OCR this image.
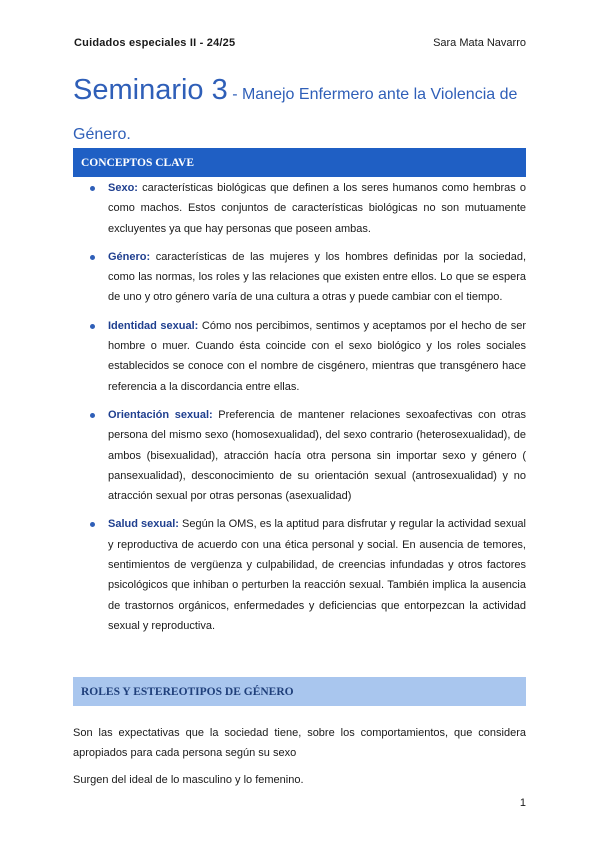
Cuidados especiales II - 24/25	Sara Mata Navarro
Seminario 3 - Manejo Enfermero ante la Violencia de Género.
CONCEPTOS CLAVE
Sexo: características biológicas que definen a los seres humanos como hembras o como machos. Estos conjuntos de características biológicas no son mutuamente excluyentes ya que hay personas que poseen ambas.
Género: características de las mujeres y los hombres definidas por la sociedad, como las normas, los roles y las relaciones que existen entre ellos. Lo que se espera de uno y otro género varía de una cultura a otras y puede cambiar con el tiempo.
Identidad sexual: Cómo nos percibimos, sentimos y aceptamos por el hecho de ser hombre o muer. Cuando ésta coincide con el sexo biológico y los roles sociales establecidos se conoce con el nombre de cisgénero, mientras que transgénero hace referencia a la discordancia entre ellas.
Orientación sexual: Preferencia de mantener relaciones sexoafectivas con otras persona del mismo sexo (homosexualidad), del sexo contrario (heterosexualidad), de ambos (bisexualidad), atracción hacía otra persona sin importar sexo y género ( pansexualidad), desconocimiento de su orientación sexual (antrosexualidad) y no atracción sexual por otras personas (asexualidad)
Salud sexual: Según la OMS, es la aptitud para disfrutar y regular la actividad sexual y reproductiva de acuerdo con una ética personal y social. En ausencia de temores, sentimientos de vergüenza y culpabilidad, de creencias infundadas y otros factores psicológicos que inhiban o perturben la reacción sexual. También implica la ausencia de trastornos orgánicos, enfermedades y deficiencias que entorpezcan la actividad sexual y reproductiva.
ROLES Y ESTEREOTIPOS DE GÉNERO

Son las expectativas que la sociedad tiene, sobre los comportamientos, que considera apropiados para cada persona según su sexo

Surgen del ideal de lo masculino y lo femenino.

1
